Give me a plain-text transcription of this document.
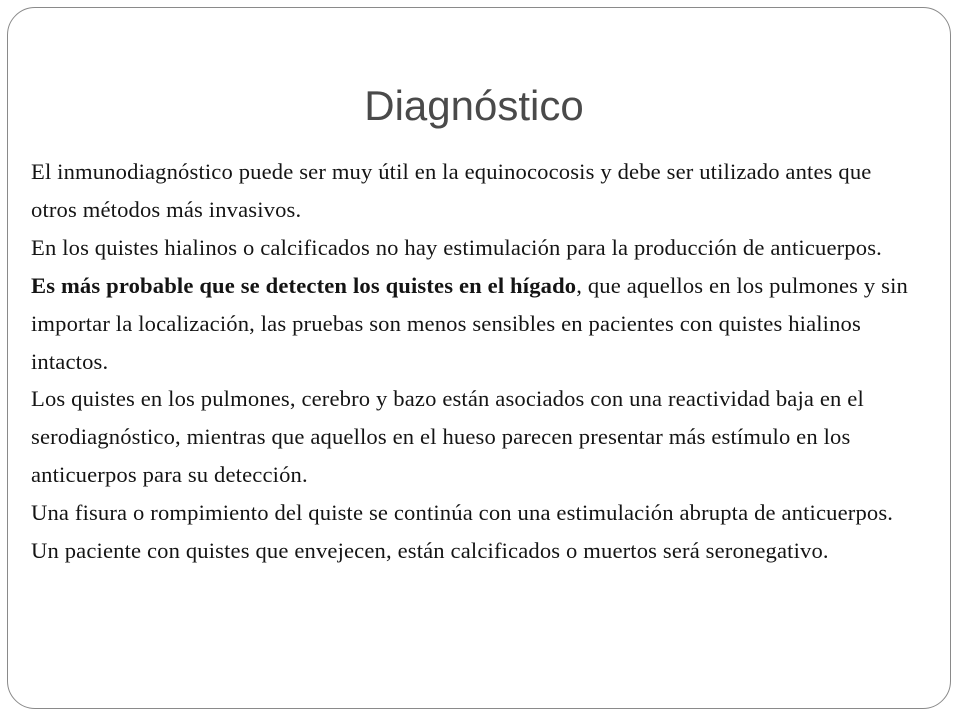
Diagnóstico

El inmunodiagnóstico puede ser muy útil en la equinococosis y debe ser utilizado antes que otros métodos más invasivos.

En los quistes hialinos o calcificados no hay estimulación para la producción de anticuerpos.

Es más probable que se detecten los quistes en el hígado, que aquellos en los pulmones y sin importar la localización, las pruebas son menos sensibles en pacientes con quistes hialinos intactos.

Los quistes en los pulmones, cerebro y bazo están asociados con una reactividad baja en el serodiagnóstico, mientras que aquellos en el hueso parecen presentar más estímulo en los anticuerpos para su detección.

Una fisura o rompimiento del quiste se continúa con una estimulación abrupta de anticuerpos.

Un paciente con quistes que envejecen, están calcificados o muertos será seronegativo.
